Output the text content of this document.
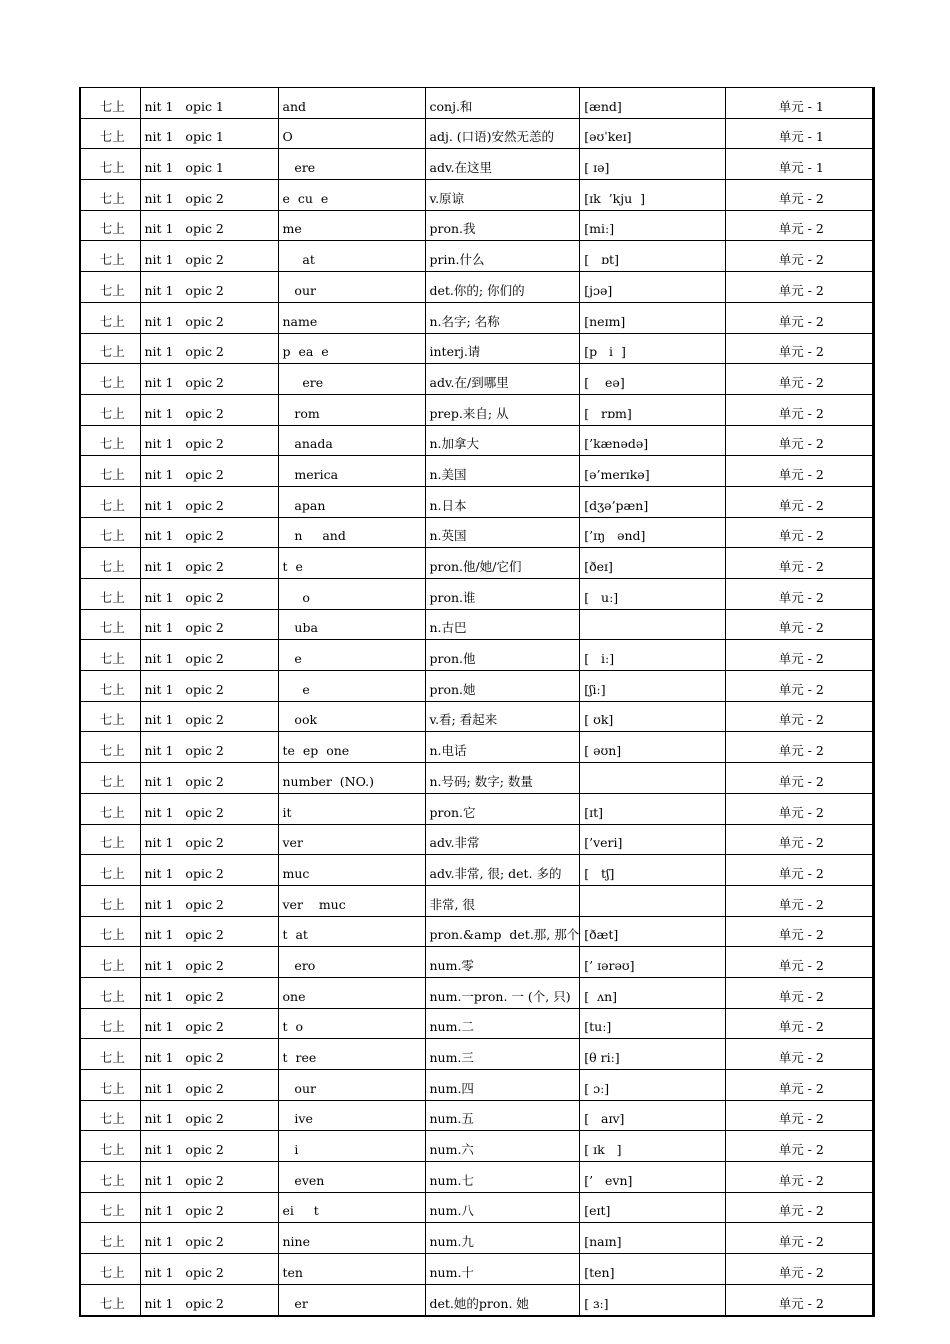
七上	nit 1   opic 1	and	conj.和	[ænd]	单元 - 1
七上	nit 1   opic 1	O	adj. (口语)安然无恙的	[əʊˈkeɪ]	单元 - 1
七上	nit 1   opic 1	ere	adv.在这里	[ ɪə]	单元 - 1
七上	nit 1   opic 2	e  cu  e	v.原谅	[ɪk  ’kju  ]	单元 - 2
七上	nit 1   opic 2	me	pron.我	[miː]	单元 - 2
七上	nit 1   opic 2	at	prin.什么	[   ɒt]	单元 - 2
七上	nit 1   opic 2	our	det.你的; 你们的	[jɔə]	单元 - 2
七上	nit 1   opic 2	name	n.名字; 名称	[neɪm]	单元 - 2
七上	nit 1   opic 2	p  ea  e	interj.请	[p   i  ]	单元 - 2
七上	nit 1   opic 2	ere	adv.在/到哪里	[    eə]	单元 - 2
七上	nit 1   opic 2	rom	prep.来自; 从	[   rɒm]	单元 - 2
七上	nit 1   opic 2	anada	n.加拿大	[’kænədə]	单元 - 2
七上	nit 1   opic 2	merica	n.美国	[ə’merɪkə]	单元 - 2
七上	nit 1   opic 2	apan	n.日本	[dʒə’pæn]	单元 - 2
七上	nit 1   opic 2	n     and	n.英国	[’ɪŋ   ənd]	单元 - 2
七上	nit 1   opic 2	t  e	pron.他/她/它们	[ðeɪ]	单元 - 2
七上	nit 1   opic 2	o	pron.谁	[   uː]	单元 - 2
七上	nit 1   opic 2	uba	n.古巴		单元 - 2
七上	nit 1   opic 2	e	pron.他	[   iː]	单元 - 2
七上	nit 1   opic 2	e	pron.她	[ʃiː]	单元 - 2
七上	nit 1   opic 2	ook	v.看; 看起来	[ ʊk]	单元 - 2
七上	nit 1   opic 2	te  ep  one	n.电话	[ əʊn]	单元 - 2
七上	nit 1   opic 2	number  (NO.)	n.号码; 数字; 数量		单元 - 2
七上	nit 1   opic 2	it	pron.它	[ɪt]	单元 - 2
七上	nit 1   opic 2	ver	adv.非常	[’veri]	单元 - 2
七上	nit 1   opic 2	muc	adv.非常, 很; det. 多的	[   tʃ]	单元 - 2
七上	nit 1   opic 2	ver    muc	非常, 很		单元 - 2
七上	nit 1   opic 2	t  at	pron.&amp  det.那, 那个	[ðæt]	单元 - 2
七上	nit 1   opic 2	ero	num.零	[’ ɪərəʊ]	单元 - 2
七上	nit 1   opic 2	one	num.一pron. 一 (个, 只)	[  ʌn]	单元 - 2
七上	nit 1   opic 2	t  o	num.二	[tuː]	单元 - 2
七上	nit 1   opic 2	t  ree	num.三	[θ riː]	单元 - 2
七上	nit 1   opic 2	our	num.四	[ ɔː]	单元 - 2
七上	nit 1   opic 2	ive	num.五	[   aɪv]	单元 - 2
七上	nit 1   opic 2	i	num.六	[ ɪk   ]	单元 - 2
七上	nit 1   opic 2	even	num.七	[’   evn]	单元 - 2
七上	nit 1   opic 2	ei     t	num.八	[eɪt]	单元 - 2
七上	nit 1   opic 2	nine	num.九	[naɪn]	单元 - 2
七上	nit 1   opic 2	ten	num.十	[ten]	单元 - 2
七上	nit 1   opic 2	er	det.她的pron. 她	[ ɜː]	单元 - 2
